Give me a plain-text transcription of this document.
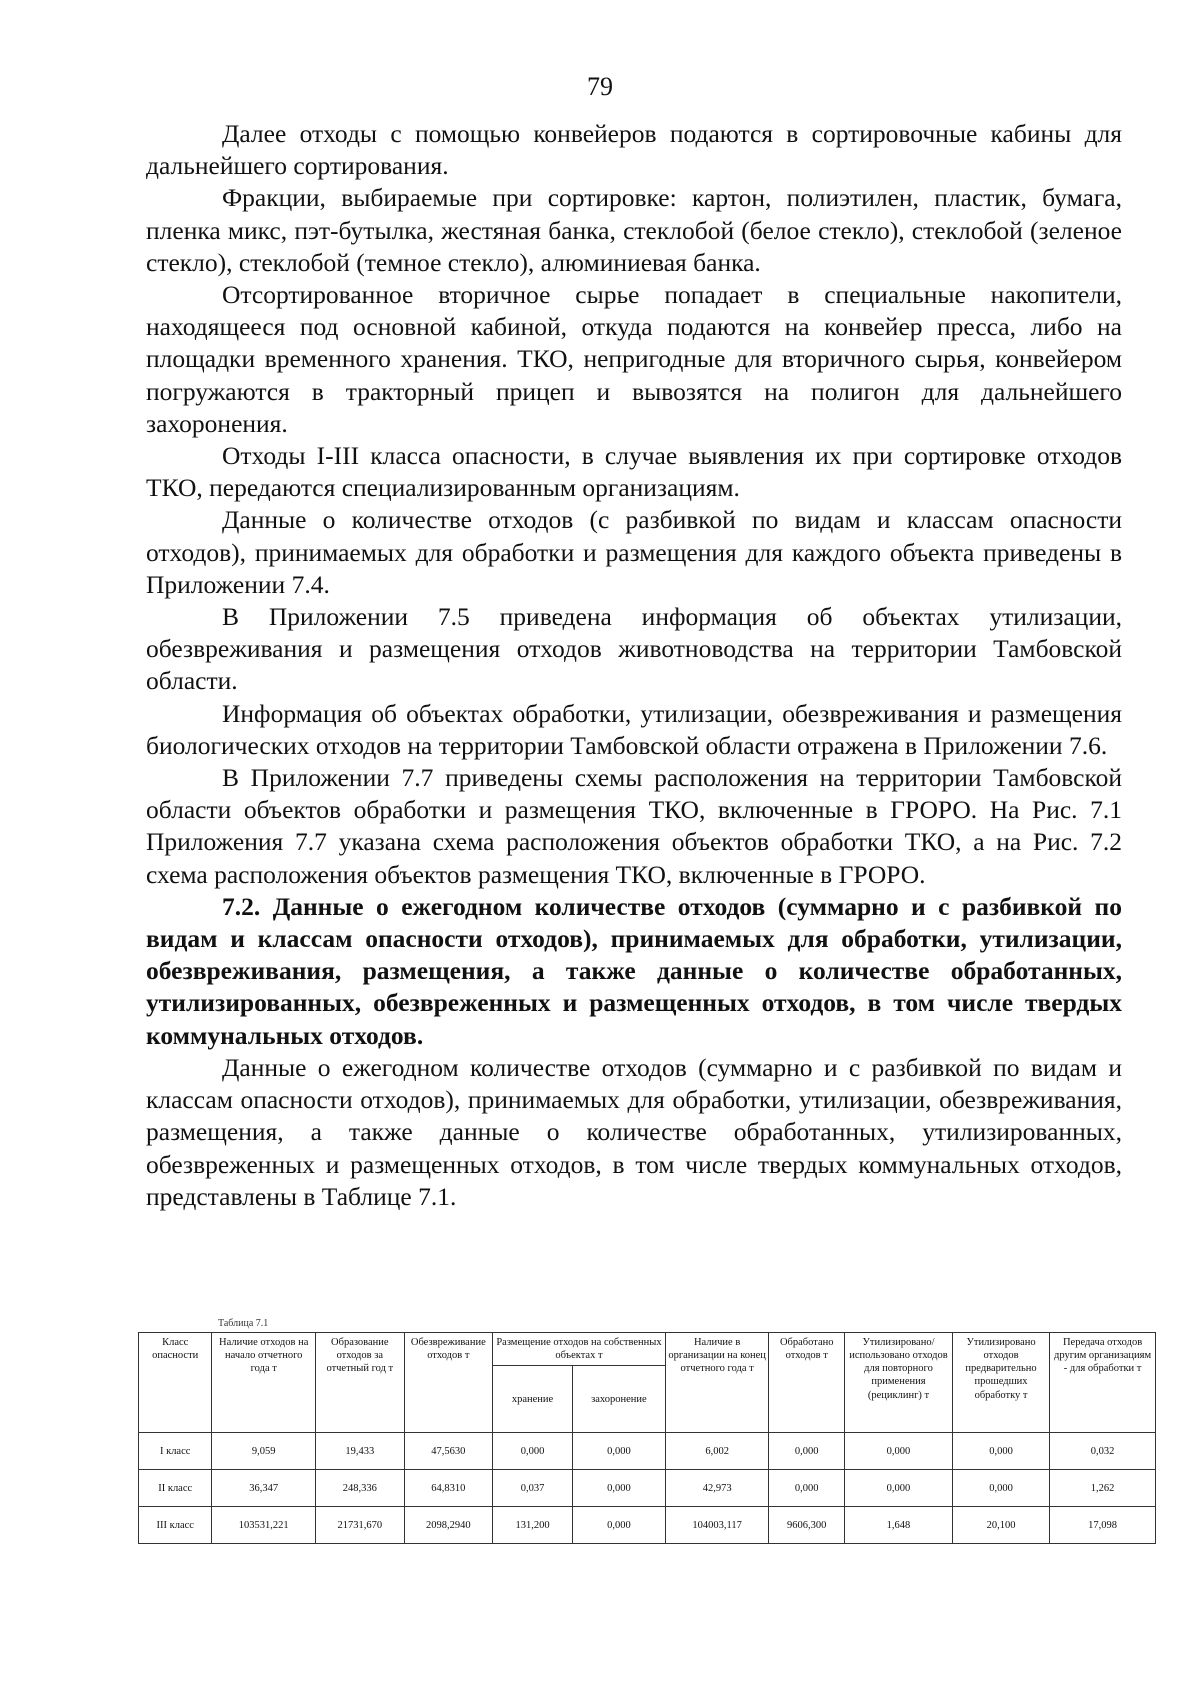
79

Далее отходы с помощью конвейеров подаются в сортировочные кабины для дальнейшего сортирования.

Фракции, выбираемые при сортировке: картон, полиэтилен, пластик, бумага, пленка микс, пэт-бутылка, жестяная банка, стеклобой (белое стекло), стеклобой (зеленое стекло), стеклобой (темное стекло), алюминиевая банка.

Отсортированное вторичное сырье попадает в специальные накопители, находящееся под основной кабиной, откуда подаются на конвейер пресса, либо на площадки временного хранения. ТКО, непригодные для вторичного сырья, конвейером погружаются в тракторный прицеп и вывозятся на полигон для дальнейшего захоронения.

Отходы I-III класса опасности, в случае выявления их при сортировке отходов ТКО, передаются специализированным организациям.

Данные о количестве отходов (с разбивкой по видам и классам опасности отходов), принимаемых для обработки и размещения для каждого объекта приведены в Приложении 7.4.

В Приложении 7.5 приведена информация об объектах утилизации, обезвреживания и размещения отходов животноводства на территории Тамбовской области.

Информация об объектах обработки, утилизации, обезвреживания и размещения биологических отходов на территории Тамбовской области отражена в Приложении 7.6.

В Приложении 7.7 приведены схемы расположения на территории Тамбовской области объектов обработки и размещения ТКО, включенные в ГРОРО. На Рис. 7.1 Приложения 7.7 указана схема расположения объектов обработки ТКО, а на Рис. 7.2 схема расположения объектов размещения ТКО, включенные в ГРОРО.

7.2. Данные о ежегодном количестве отходов (суммарно и с разбивкой по видам и классам опасности отходов), принимаемых для обработки, утилизации, обезвреживания, размещения, а также данные о количестве обработанных, утилизированных, обезвреженных и размещенных отходов, в том числе твердых коммунальных отходов.

Данные о ежегодном количестве отходов (суммарно и с разбивкой по видам и классам опасности отходов), принимаемых для обработки, утилизации, обезвреживания, размещения, а также данные о количестве обработанных, утилизированных, обезвреженных и размещенных отходов, в том числе твердых коммунальных отходов, представлены в Таблице 7.1.

Таблица 7.1
Класс опасности	Наличие отходов на начало отчетного года т	Образование отходов за отчетный год т	Обезвреживание отходов т	Размещение отходов на собственных объектах т		Наличие в организации на конец отчетного года т	Обработано отходов т	Утилизировано/ использовано отходов для повторного применения (рециклинг) т	Утилизировано отходов предварительно прошедших обработку т	Передача отходов другим организациям - для обработки т
				хранение	захоронение					
I класс	9,059	19,433	47,5630	0,000	0,000	6,002	0,000	0,000	0,000	0,032
II класс	36,347	248,336	64,8310	0,037	0,000	42,973	0,000	0,000	0,000	1,262
III класс	103531,221	21731,670	2098,2940	131,200	0,000	104003,117	9606,300	1,648	20,100	17,098
